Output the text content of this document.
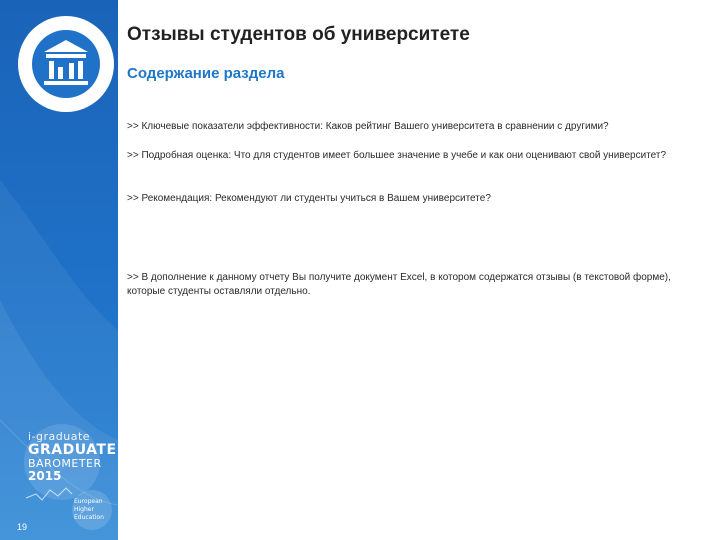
Отзывы студентов об университете
Содержание раздела

>> Ключевые показатели эффективности: Каков рейтинг Вашего университета в сравнении с другими?

>> Подробная оценка: Что для студентов имеет большее значение в учебе и как они оценивают свой университет?

>> Рекомендация: Рекомендуют ли студенты учиться в Вашем университете?

>> В дополнение к данному отчету Вы получите документ Excel, в котором содержатся отзывы (в текстовой форме), которые студенты оставляли отдельно.

i-graduate
GRADUATE
BAROMETER
2015
European Higher Education
19
